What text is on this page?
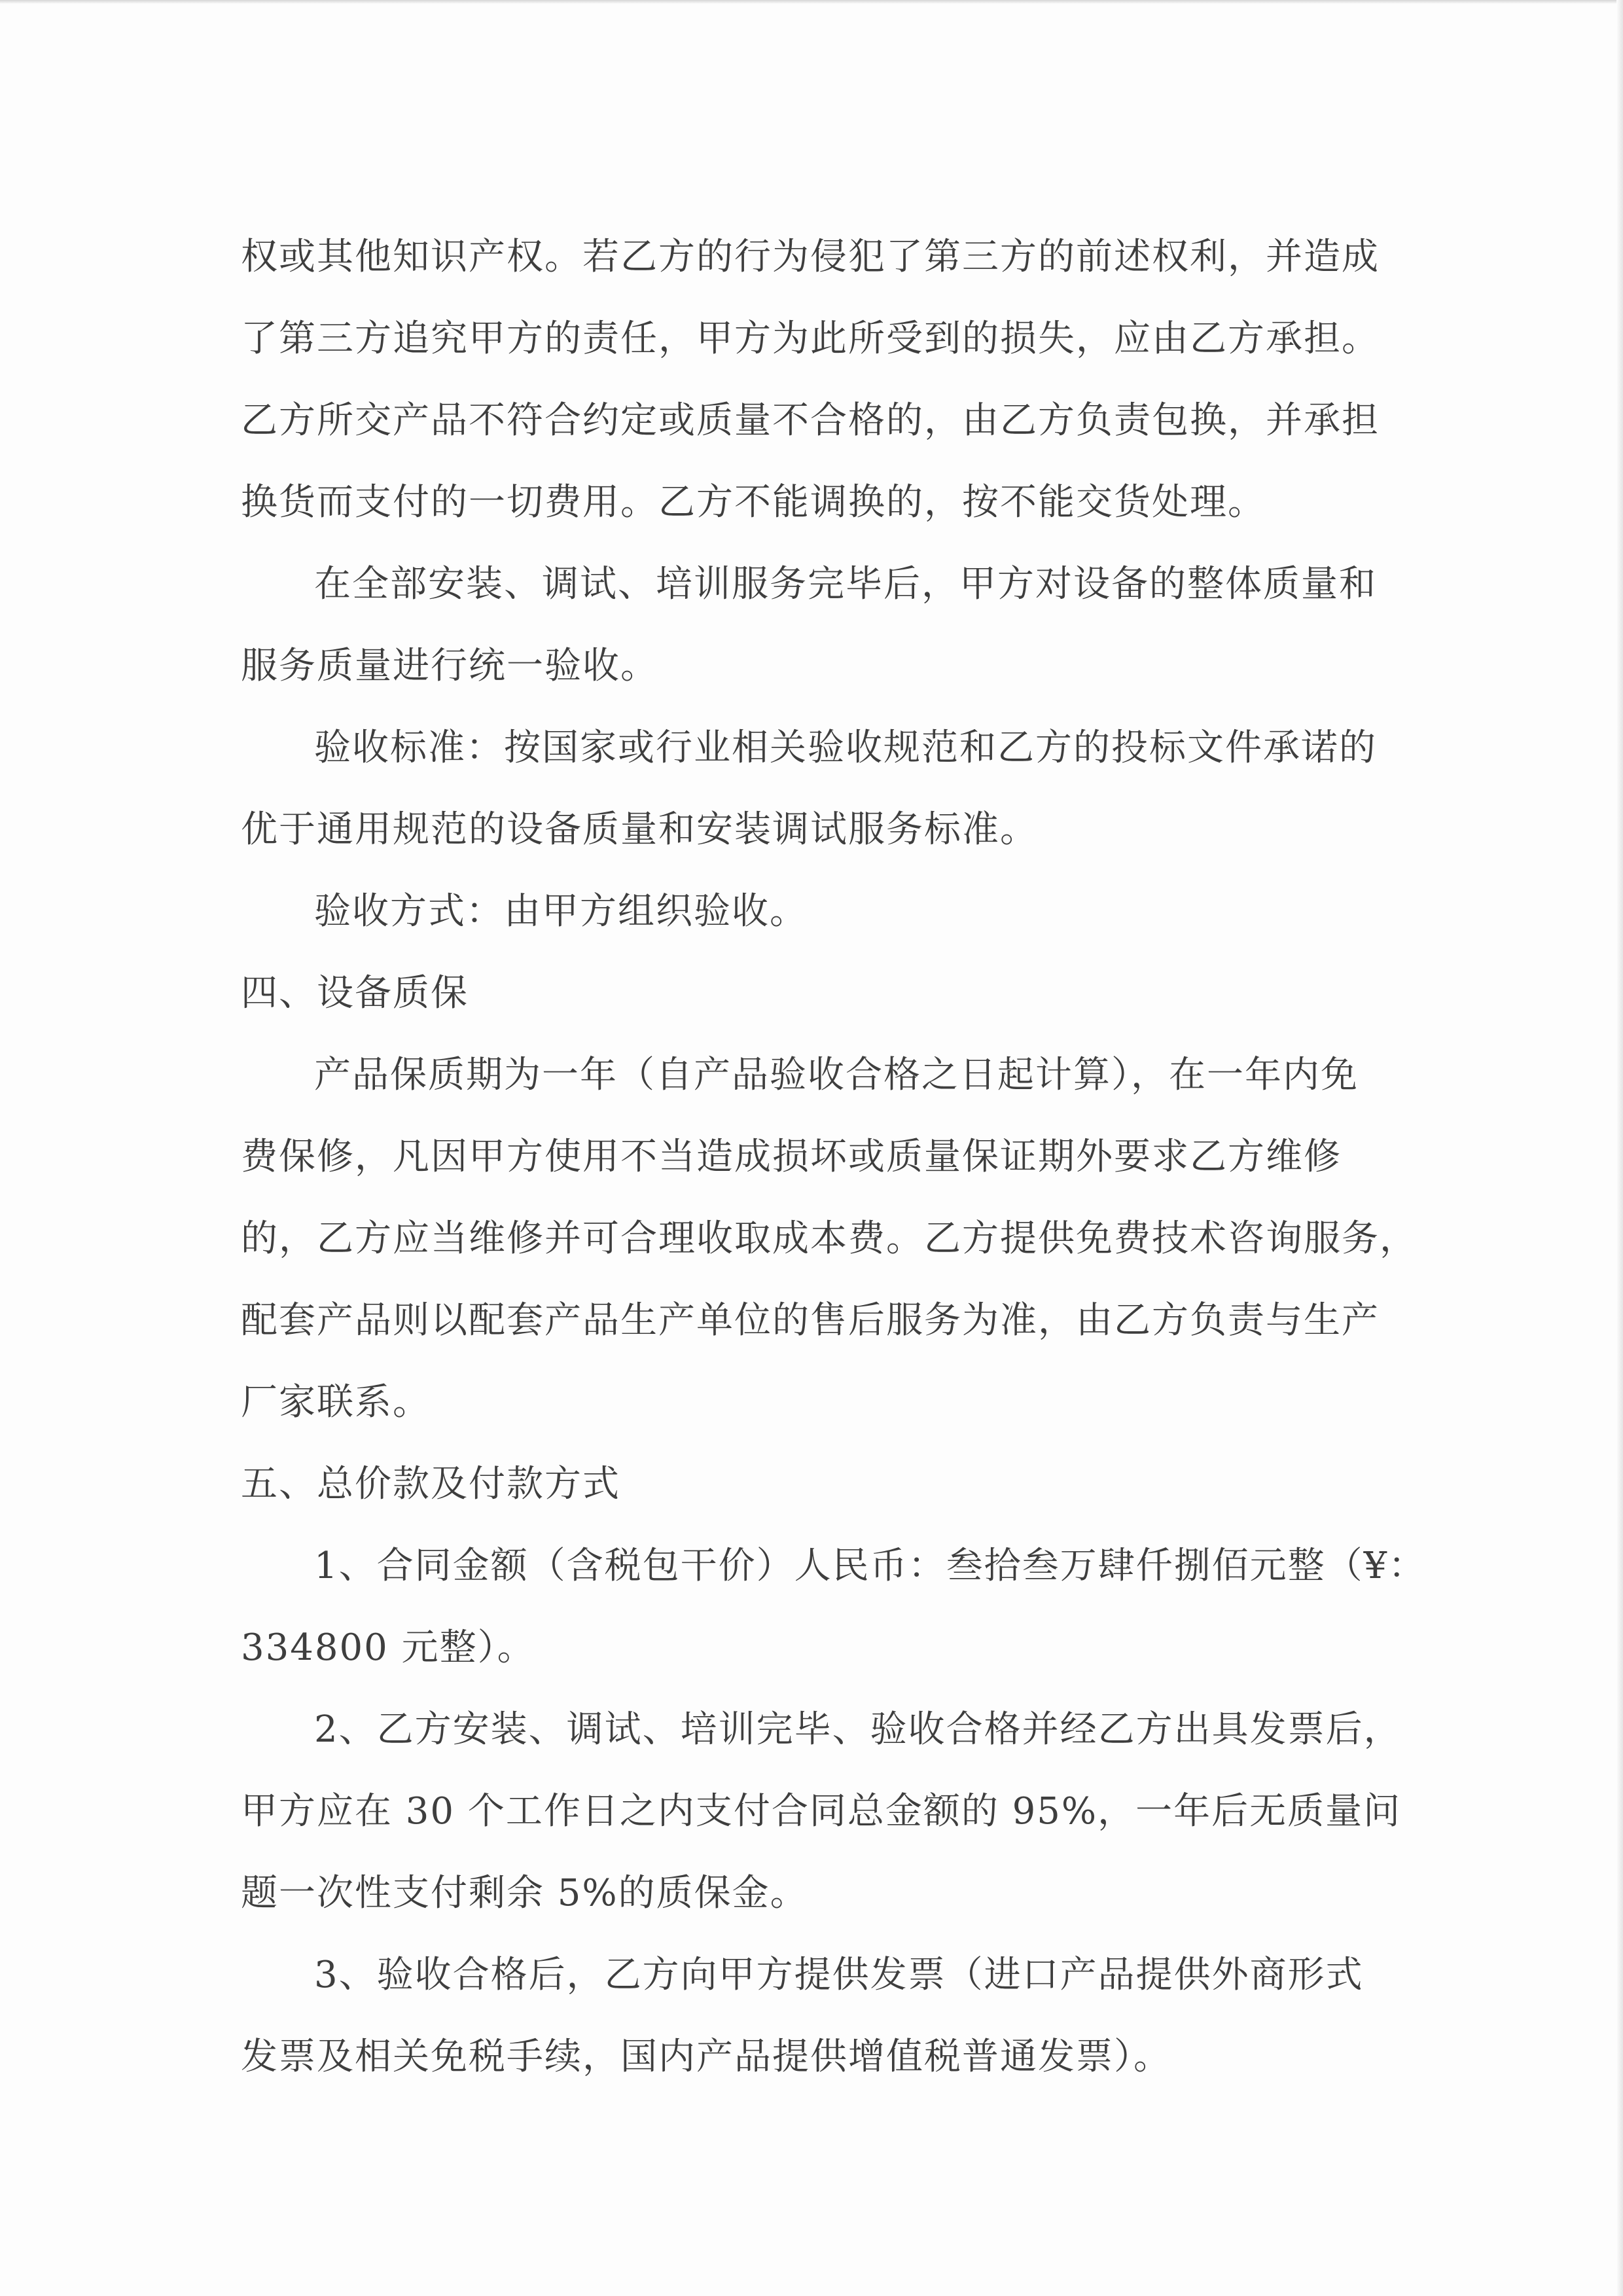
权或其他知识产权。若乙方的行为侵犯了第三方的前述权利，并造成
了第三方追究甲方的责任，甲方为此所受到的损失，应由乙方承担。
乙方所交产品不符合约定或质量不合格的，由乙方负责包换，并承担
换货而支付的一切费用。乙方不能调换的，按不能交货处理。
在全部安装、调试、培训服务完毕后，甲方对设备的整体质量和
服务质量进行统一验收。
验收标准：按国家或行业相关验收规范和乙方的投标文件承诺的
优于通用规范的设备质量和安装调试服务标准。
验收方式：由甲方组织验收。
四、设备质保
产品保质期为一年（自产品验收合格之日起计算），在一年内免
费保修，凡因甲方使用不当造成损坏或质量保证期外要求乙方维修
的，乙方应当维修并可合理收取成本费。乙方提供免费技术咨询服务，
配套产品则以配套产品生产单位的售后服务为准，由乙方负责与生产
厂家联系。
五、总价款及付款方式
1、合同金额（含税包干价）人民币：叁拾叁万肆仟捌佰元整（¥：
334800 元整）。
2、乙方安装、调试、培训完毕、验收合格并经乙方出具发票后，
甲方应在 30 个工作日之内支付合同总金额的 95%，一年后无质量问
题一次性支付剩余 5%的质保金。
3、验收合格后，乙方向甲方提供发票（进口产品提供外商形式
发票及相关免税手续，国内产品提供增值税普通发票）。
